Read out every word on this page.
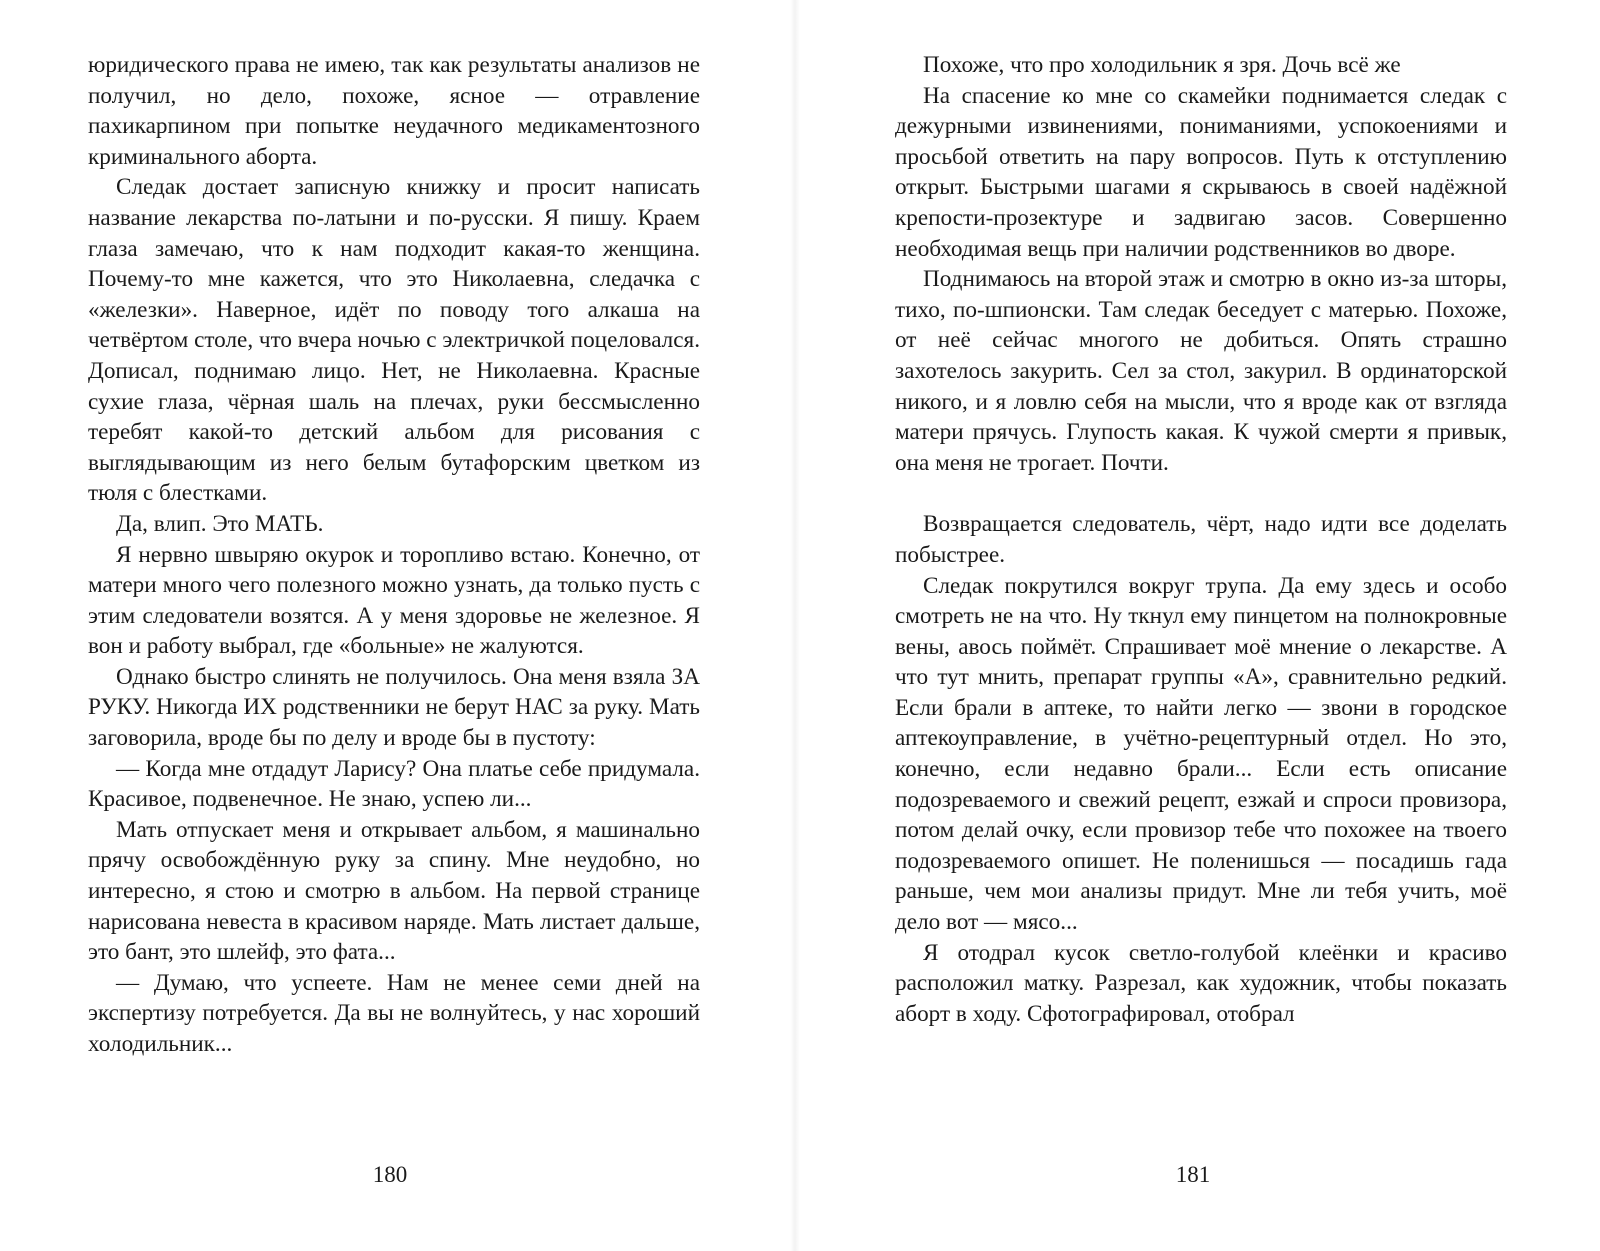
юридического права не имею, так как результаты анализов не получил, но дело, похоже, ясное — отравление пахикарпином при попытке неудачного медикаментозного криминального аборта.

Следак достает записную книжку и просит написать название лекарства по-латыни и по-русски. Я пишу. Краем глаза замечаю, что к нам подходит какая-то женщина. Почему-то мне кажется, что это Николаевна, следачка с «железки». Наверное, идёт по поводу того алкаша на четвёртом столе, что вчера ночью с электричкой поцеловался. Дописал, поднимаю лицо. Нет, не Николаевна. Красные сухие глаза, чёрная шаль на плечах, руки бессмысленно теребят какой-то детский альбом для рисования с выглядывающим из него белым бутафорским цветком из тюля с блестками.

Да, влип. Это МАТЬ.

Я нервно швыряю окурок и торопливо встаю. Конечно, от матери много чего полезного можно узнать, да только пусть с этим следователи возятся. А у меня здоровье не железное. Я вон и работу выбрал, где «больные» не жалуются.

Однако быстро слинять не получилось. Она меня взяла ЗА РУКУ. Никогда ИХ родственники не берут НАС за руку. Мать заговорила, вроде бы по делу и вроде бы в пустоту:

— Когда мне отдадут Ларису? Она платье себе придумала. Красивое, подвенечное. Не знаю, успею ли...

Мать отпускает меня и открывает альбом, я машинально прячу освобождённую руку за спину. Мне неудобно, но интересно, я стою и смотрю в альбом. На первой странице нарисована невеста в красивом наряде. Мать листает дальше, это бант, это шлейф, это фата...

— Думаю, что успеете. Нам не менее семи дней на экспертизу потребуется. Да вы не волнуйтесь, у нас хороший холодильник...

180

Похоже, что про холодильник я зря. Дочь всё же

На спасение ко мне со скамейки поднимается следак с дежурными извинениями, пониманиями, успокоениями и просьбой ответить на пару вопросов. Путь к отступлению открыт. Быстрыми шагами я скрываюсь в своей надёжной крепости-прозектуре и задвигаю засов. Совершенно необходимая вещь при наличии родственников во дворе.

Поднимаюсь на второй этаж и смотрю в окно из-за шторы, тихо, по-шпионски. Там следак беседует с матерью. Похоже, от неё сейчас многого не добиться. Опять страшно захотелось закурить. Сел за стол, закурил. В ординаторской никого, и я ловлю себя на мысли, что я вроде как от взгляда матери прячусь. Глупость какая. К чужой смерти я привык, она меня не трогает. Почти.

Возвращается следователь, чёрт, надо идти все доделать побыстрее.

Следак покрутился вокруг трупа. Да ему здесь и особо смотреть не на что. Ну ткнул ему пинцетом на полнокровные вены, авось поймёт. Спрашивает моё мнение о лекарстве. А что тут мнить, препарат группы «А», сравнительно редкий. Если брали в аптеке, то найти легко — звони в городское аптекоуправление, в учётно-рецептурный отдел. Но это, конечно, если недавно брали... Если есть описание подозреваемого и свежий рецепт, езжай и спроси провизора, потом делай очку, если провизор тебе что похожее на твоего подозреваемого опишет. Не поленишься — посадишь гада раньше, чем мои анализы придут. Мне ли тебя учить, моё дело вот — мясо...

Я отодрал кусок светло-голубой клеёнки и красиво расположил матку. Разрезал, как художник, чтобы показать аборт в ходу. Сфотографировал, отобрал

181
